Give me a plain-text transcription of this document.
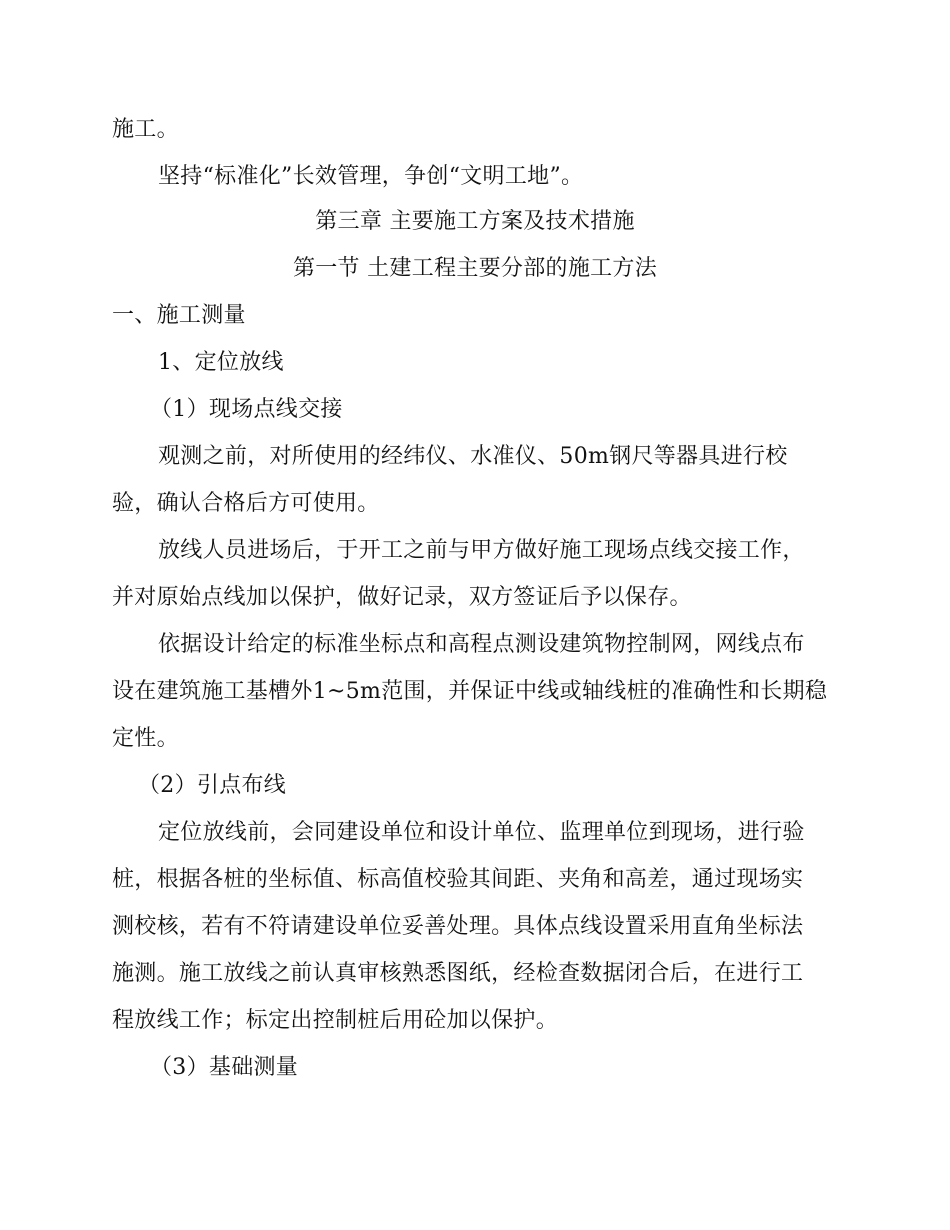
施工。
坚持“标准化”长效管理，争创“文明工地”。
第三章 主要施工方案及技术措施
第一节 土建工程主要分部的施工方法
一、施工测量
1、定位放线
（1）现场点线交接
观测之前，对所使用的经纬仪、水准仪、50m钢尺等器具进行校
验，确认合格后方可使用。
放线人员进场后，于开工之前与甲方做好施工现场点线交接工作，
并对原始点线加以保护，做好记录，双方签证后予以保存。
依据设计给定的标准坐标点和高程点测设建筑物控制网，网线点布
设在建筑施工基槽外1~5m范围，并保证中线或轴线桩的准确性和长期稳
定性。
（2）引点布线
定位放线前，会同建设单位和设计单位、监理单位到现场，进行验
桩，根据各桩的坐标值、标高值校验其间距、夹角和高差，通过现场实
测校核，若有不符请建设单位妥善处理。具体点线设置采用直角坐标法
施测。施工放线之前认真审核熟悉图纸，经检查数据闭合后，在进行工
程放线工作；标定出控制桩后用砼加以保护。
（3）基础测量
